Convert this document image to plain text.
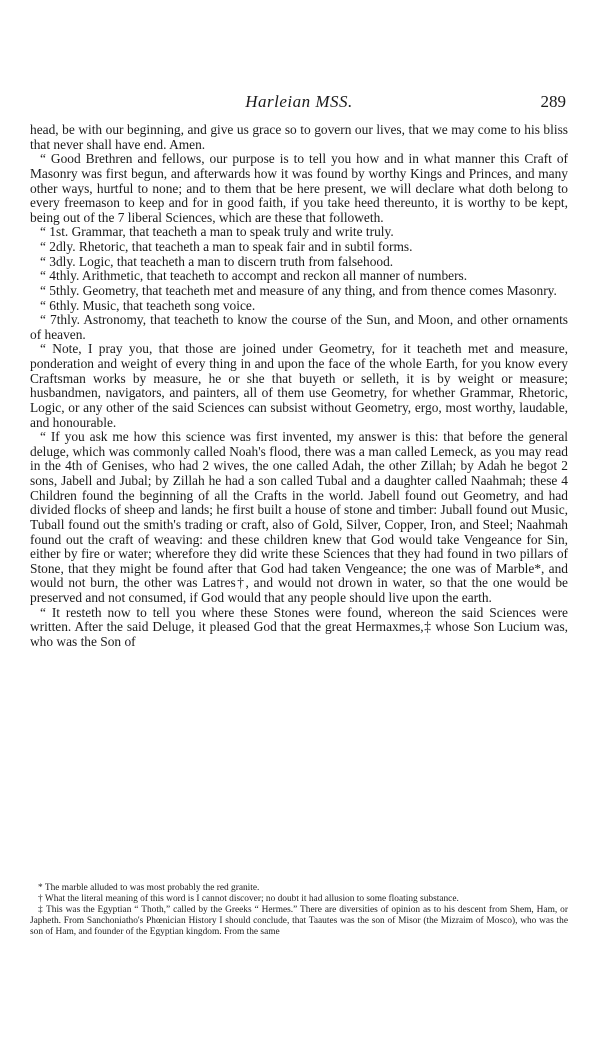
Harleian MSS.	289

head, be with our beginning, and give us grace so to govern our lives, that we may come to his bliss that never shall have end. Amen.

“ Good Brethren and fellows, our purpose is to tell you how and in what manner this Craft of Masonry was first begun, and afterwards how it was found by worthy Kings and Princes, and many other ways, hurtful to none; and to them that be here present, we will declare what doth belong to every freemason to keep and for in good faith, if you take heed thereunto, it is worthy to be kept, being out of the 7 liberal Sciences, which are these that followeth.

“ 1st. Grammar, that teacheth a man to speak truly and write truly.

“ 2dly. Rhetoric, that teacheth a man to speak fair and in subtil forms.

“ 3dly. Logic, that teacheth a man to discern truth from falsehood.

“ 4thly. Arithmetic, that teacheth to accompt and reckon all manner of numbers.

“ 5thly. Geometry, that teacheth met and measure of any thing, and from thence comes Masonry.

“ 6thly. Music, that teacheth song voice.

“ 7thly. Astronomy, that teacheth to know the course of the Sun, and Moon, and other ornaments of heaven.

“ Note, I pray you, that those are joined under Geometry, for it teacheth met and measure, ponderation and weight of every thing in and upon the face of the whole Earth, for you know every Craftsman works by measure, he or she that buyeth or selleth, it is by weight or measure; husbandmen, navigators, and painters, all of them use Geometry, for whether Grammar, Rhetoric, Logic, or any other of the said Sciences can subsist without Geometry, ergo, most worthy, laudable, and honourable.

“ If you ask me how this science was first invented, my answer is this: that before the general deluge, which was commonly called Noah's flood, there was a man called Lemeck, as you may read in the 4th of Genises, who had 2 wives, the one called Adah, the other Zillah; by Adah he begot 2 sons, Jabell and Jubal; by Zillah he had a son called Tubal and a daughter called Naahmah; these 4 Children found the beginning of all the Crafts in the world. Jabell found out Geometry, and had divided flocks of sheep and lands; he first built a house of stone and timber: Juball found out Music, Tuball found out the smith's trading or craft, also of Gold, Silver, Copper, Iron, and Steel; Naahmah found out the craft of weaving: and these children knew that God would take Vengeance for Sin, either by fire or water; wherefore they did write these Sciences that they had found in two pillars of Stone, that they might be found after that God had taken Vengeance; the one was of Marble*, and would not burn, the other was Latres†, and would not drown in water, so that the one would be preserved and not consumed, if God would that any people should live upon the earth.

“ It resteth now to tell you where these Stones were found, whereon the said Sciences were written. After the said Deluge, it pleased God that the great Hermaxmes,‡ whose Son Lucium was, who was the Son of

* The marble alluded to was most probably the red granite.

† What the literal meaning of this word is I cannot discover; no doubt it had allusion to some floating substance.

‡ This was the Egyptian “ Thoth,” called by the Greeks “ Hermes.” There are diversities of opinion as to his descent from Shem, Ham, or Japheth. From Sanchoniatho's Phœnician History I should conclude, that Taautes was the son of Misor (the Mizraim of Mosco), who was the son of Ham, and founder of the Egyptian kingdom. From the same
